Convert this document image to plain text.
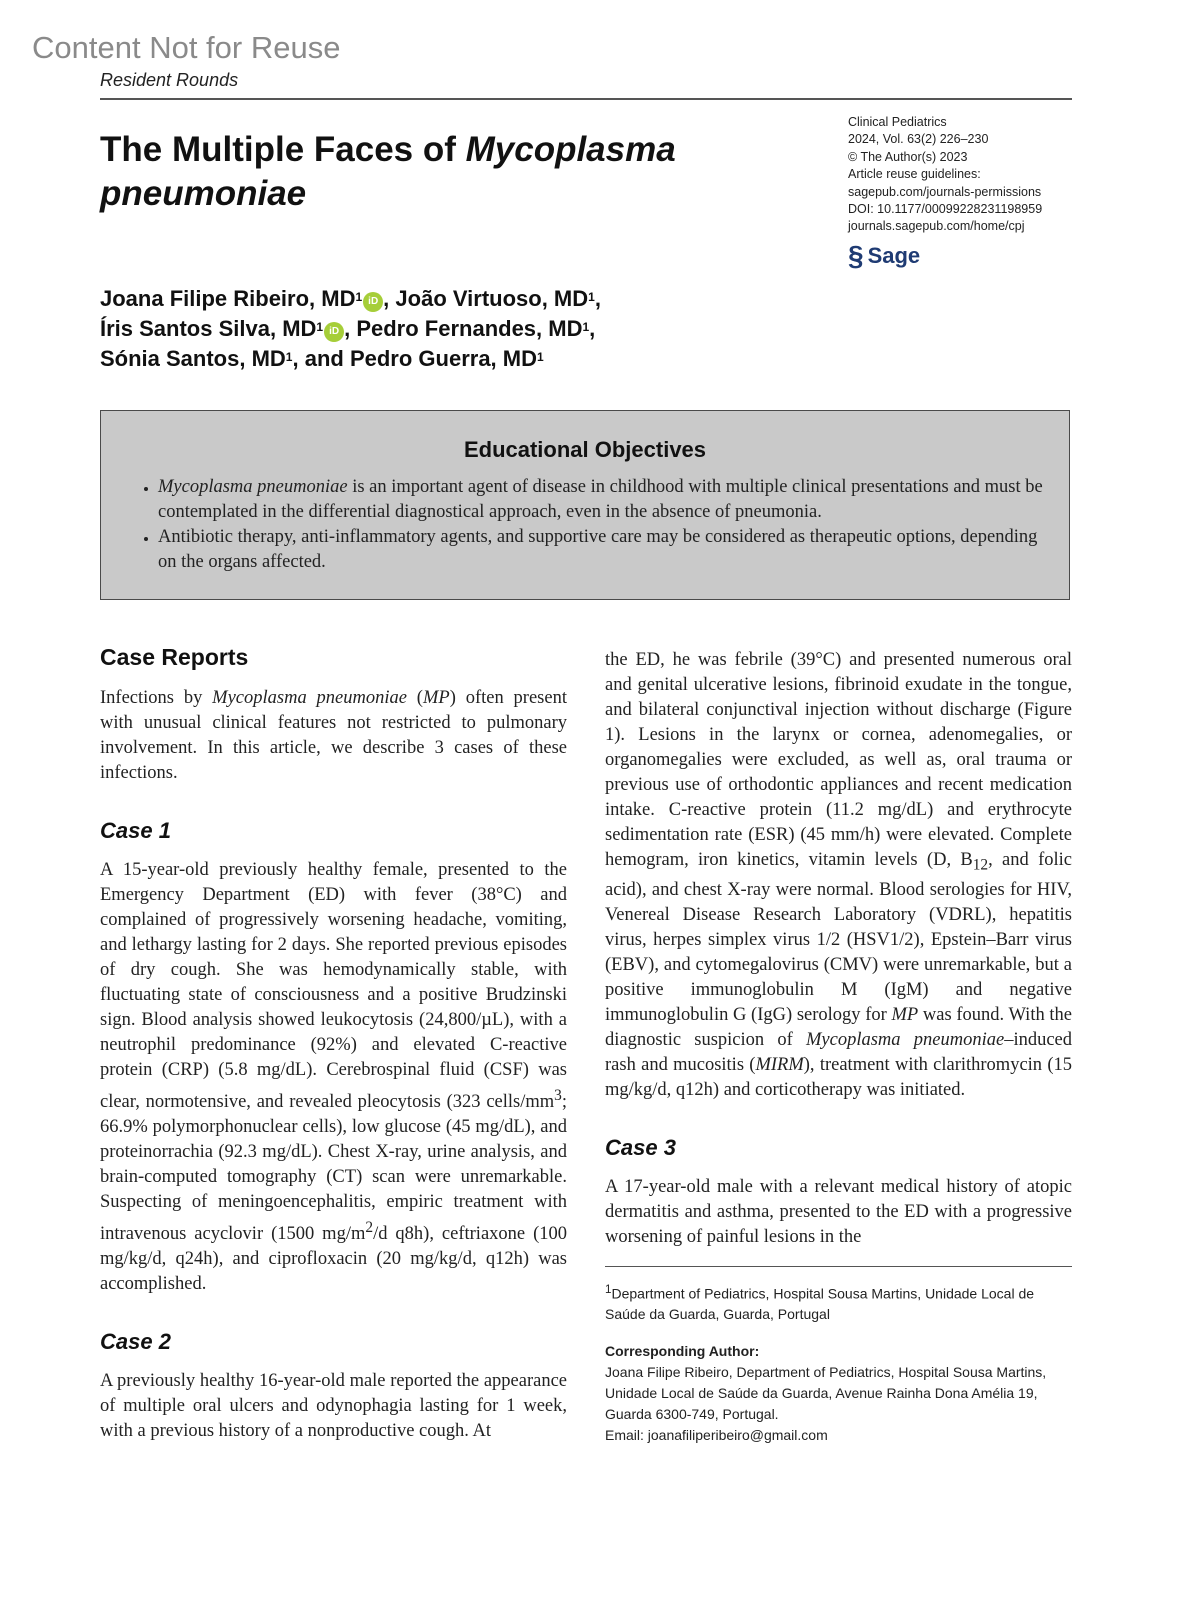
Content Not for Reuse
Resident Rounds
The Multiple Faces of Mycoplasma pneumoniae
Clinical Pediatrics
2024, Vol. 63(2) 226–230
© The Author(s) 2023
Article reuse guidelines:
sagepub.com/journals-permissions
DOI: 10.1177/00099228231198959
journals.sagepub.com/home/cpj
§ Sage
Joana Filipe Ribeiro, $MD^1$ iD , João Virtuoso, $MD^1$,
Íris Santos Silva, $MD^1$ iD , Pedro Fernandes, $MD^1$,
Sónia Santos, $MD^1$, and Pedro Guerra, $MD^1$
Educational Objectives
• Mycoplasma pneumoniae is an important agent of disease in childhood with multiple clinical presentations and must be contemplated in the differential diagnostical approach, even in the absence of pneumonia.
• Antibiotic therapy, anti-inflammatory agents, and supportive care may be considered as therapeutic options, depending on the organs affected.
Case Reports

Infections by Mycoplasma pneumoniae (MP) often present with unusual clinical features not restricted to pulmonary involvement. In this article, we describe 3 cases of these infections.

Case 1

A 15-year-old previously healthy female, presented to the Emergency Department (ED) with fever (38°C) and complained of progressively worsening headache, vomiting, and lethargy lasting for 2 days. She reported previous episodes of dry cough. She was hemodynamically stable, with fluctuating state of consciousness and a positive Brudzinski sign. Blood analysis showed leukocytosis (24,800/µL), with a neutrophil predominance (92%) and elevated C-reactive protein (CRP) (5.8 mg/dL). Cerebrospinal fluid (CSF) was clear, normotensive, and revealed pleocytosis (323 cells/$mm^3$; 66.9% polymorphonuclear cells), low glucose (45 mg/dL), and proteinorrachia (92.3 mg/dL). Chest X-ray, urine analysis, and brain-computed tomography (CT) scan were unremarkable. Suspecting of meningoencephalitis, empiric treatment with intravenous acyclovir (1500 $mg/m^2/d$ q8h), ceftriaxone (100 mg/kg/d, q24h), and ciprofloxacin (20 mg/kg/d, q12h) was accomplished.

Case 2

A previously healthy 16-year-old male reported the appearance of multiple oral ulcers and odynophagia lasting for 1 week, with a previous history of a nonproductive cough. At

the ED, he was febrile (39°C) and presented numerous oral and genital ulcerative lesions, fibrinoid exudate in the tongue, and bilateral conjunctival injection without discharge (Figure 1). Lesions in the larynx or cornea, adenomegalies, or organomegalies were excluded, as well as, oral trauma or previous use of orthodontic appliances and recent medication intake. C-reactive protein (11.2 mg/dL) and erythrocyte sedimentation rate (ESR) (45 mm/h) were elevated. Complete hemogram, iron kinetics, vitamin levels (D, $B_{12}$, and folic acid), and chest X-ray were normal. Blood serologies for HIV, Venereal Disease Research Laboratory (VDRL), hepatitis virus, herpes simplex virus 1/2 (HSV1/2), Epstein–Barr virus (EBV), and cytomegalovirus (CMV) were unremarkable, but a positive immunoglobulin M (IgM) and negative immunoglobulin G (IgG) serology for MP was found. With the diagnostic suspicion of Mycoplasma pneumoniae–induced rash and mucositis (MIRM), treatment with clarithromycin (15 mg/kg/d, q12h) and corticotherapy was initiated.

Case 3

A 17-year-old male with a relevant medical history of atopic dermatitis and asthma, presented to the ED with a progressive worsening of painful lesions in the

$^1$Department of Pediatrics, Hospital Sousa Martins, Unidade Local de Saúde da Guarda, Guarda, Portugal
Corresponding Author:
Joana Filipe Ribeiro, Department of Pediatrics, Hospital Sousa Martins, Unidade Local de Saúde da Guarda, Avenue Rainha Dona Amélia 19, Guarda 6300-749, Portugal.
Email: joanafiliperibeiro@gmail.com
